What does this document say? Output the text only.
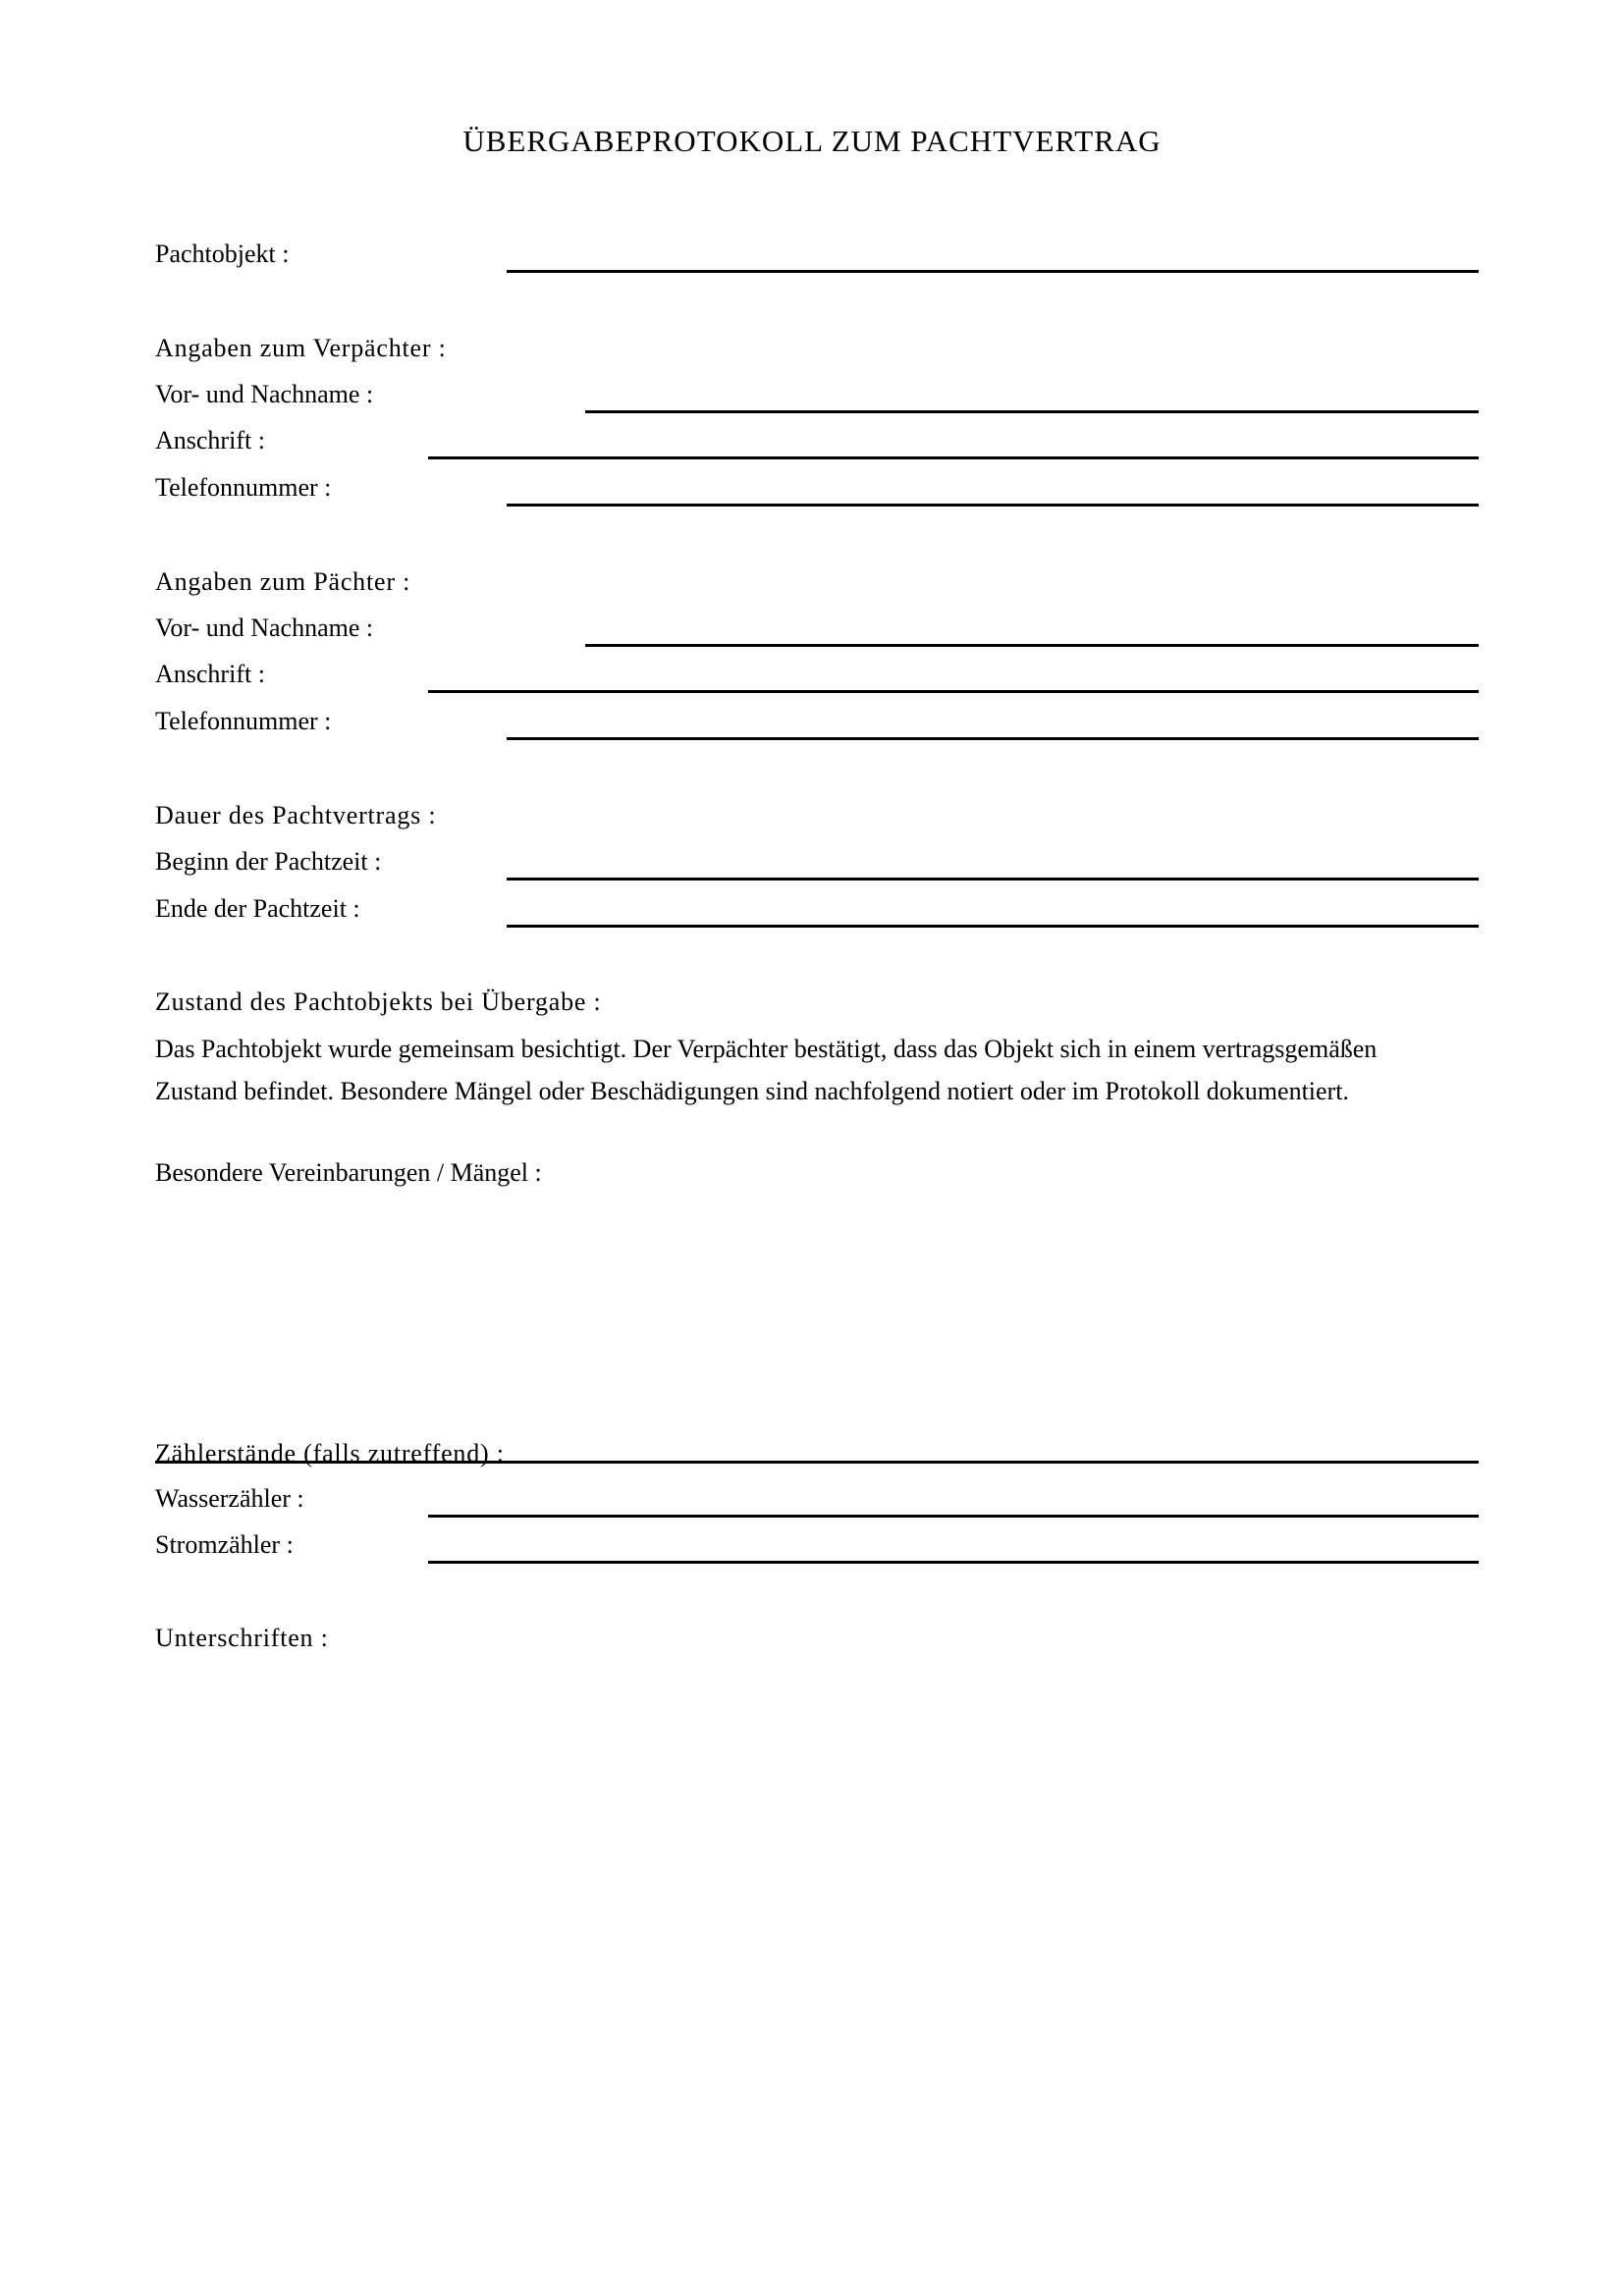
ÜBERGABEPROTOKOLL ZUM PACHTVERTRAG
Pachtobjekt :
Angaben zum Verpächter :
Vor- und Nachname :
Anschrift :
Telefonnummer :
Angaben zum Pächter :
Vor- und Nachname :
Anschrift :
Telefonnummer :
Dauer des Pachtvertrags :
Beginn der Pachtzeit :
Ende der Pachtzeit :
Zustand des Pachtobjekts bei Übergabe :

Das Pachtobjekt wurde gemeinsam besichtigt. Der Verpächter bestätigt, dass das Objekt sich in einem vertragsgemäßen

Zustand befindet. Besondere Mängel oder Beschädigungen sind nachfolgend notiert oder im Protokoll dokumentiert.

Besondere Vereinbarungen / Mängel :
Zählerstände (falls zutreffend) :
Wasserzähler :
Stromzähler :
Unterschriften :
